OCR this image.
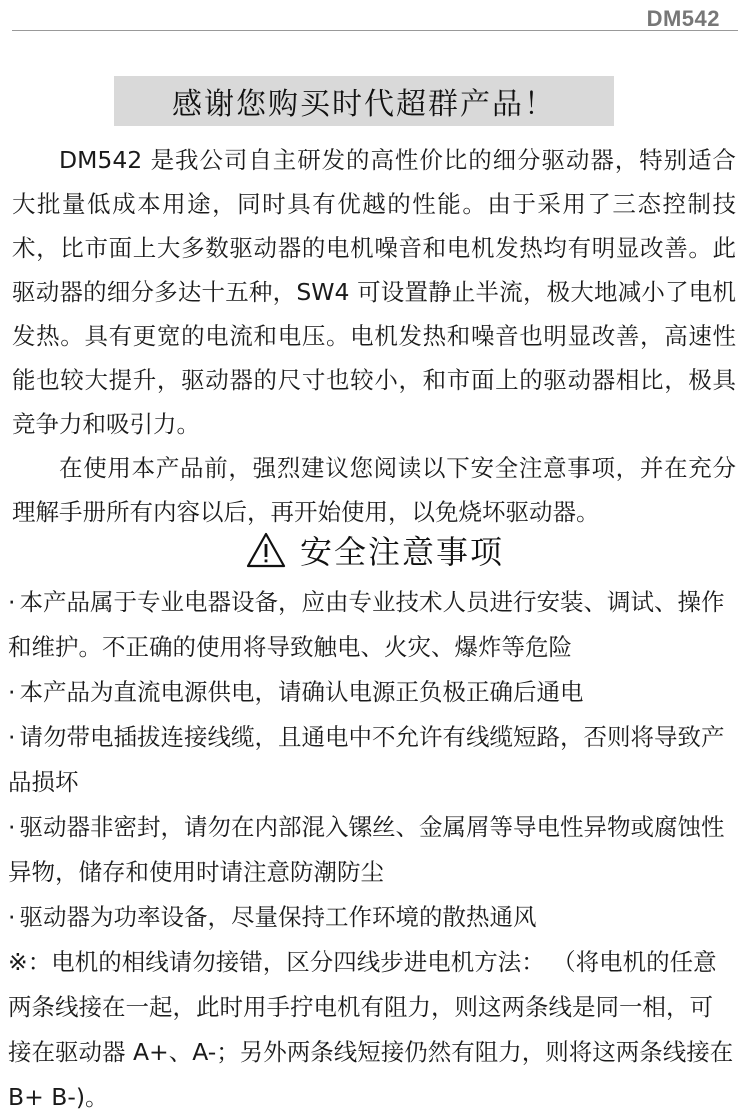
DM542
感谢您购买时代超群产品！

DM542 是我公司自主研发的高性价比的细分驱动器，特别适合大批量低成本用途，同时具有优越的性能。由于采用了三态控制技术，比市面上大多数驱动器的电机噪音和电机发热均有明显改善。此驱动器的细分多达十五种，SW4 可设置静止半流，极大地减小了电机发热。具有更宽的电流和电压。电机发热和噪音也明显改善，高速性能也较大提升，驱动器的尺寸也较小，和市面上的驱动器相比，极具竞争力和吸引力。

在使用本产品前，强烈建议您阅读以下安全注意事项，并在充分理解手册所有内容以后，再开始使用，以免烧坏驱动器。

安全注意事项

· 本产品属于专业电器设备，应由专业技术人员进行安装、调试、操作和维护。不正确的使用将导致触电、火灾、爆炸等危险

· 本产品为直流电源供电，请确认电源正负极正确后通电

· 请勿带电插拔连接线缆，且通电中不允许有线缆短路，否则将导致产品损坏

· 驱动器非密封，请勿在内部混入镙丝、金属屑等导电性异物或腐蚀性异物，储存和使用时请注意防潮防尘

· 驱动器为功率设备，尽量保持工作环境的散热通风

※：电机的相线请勿接错，区分四线步进电机方法： （将电机的任意两条线接在一起，此时用手拧电机有阻力，则这两条线是同一相，可接在驱动器 A+、A-；另外两条线短接仍然有阻力，则将这两条线接在 B+ B-)。
